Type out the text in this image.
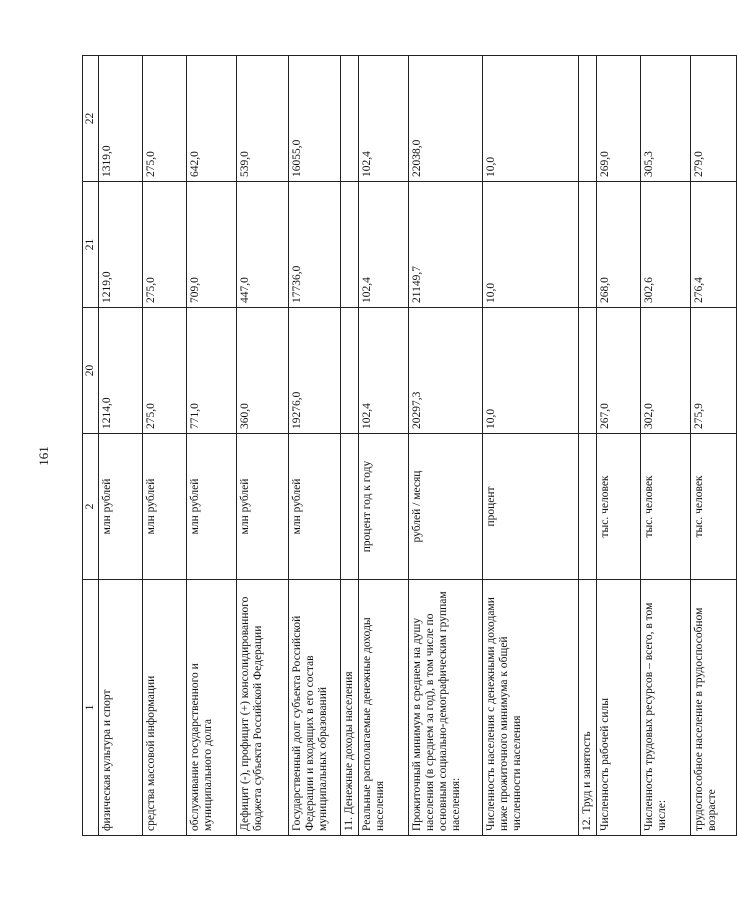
161
1	2	20	21	22
физическая культура и спорт	млн рублей	1214,0	1219,0	1319,0
средства массовой информации	млн рублей	275,0	275,0	275,0
обслуживание государственного и муниципального долга	млн рублей	771,0	709,0	642,0
Дефицит (-), профицит (+) консолидированного бюджета субъекта Российской Федерации	млн рублей	360,0	447,0	539,0
Государственный долг субъекта Российской Федерации и входящих в его состав муниципальных образований	млн рублей	19276,0	17736,0	16055,0
11. Денежные доходы населения				
Реальные располагаемые денежные доходы населения	процент год к году	102,4	102,4	102,4
Прожиточный минимум в среднем на душу населения (в среднем за год), в том числе по основным социально-демографическим группам населения:	рублей / месяц	20297,3	21149,7	22038,0
Численность населения с денежными доходами ниже прожиточного минимума к общей численности населения	процент	10,0	10,0	10,0
12. Труд и занятость				
Численность рабочей силы	тыс. человек	267,0	268,0	269,0
Численность трудовых ресурсов – всего, в том числе:	тыс. человек	302,0	302,6	305,3
трудоспособное население в трудоспособном возрасте	тыс. человек	275,9	276,4	279,0
